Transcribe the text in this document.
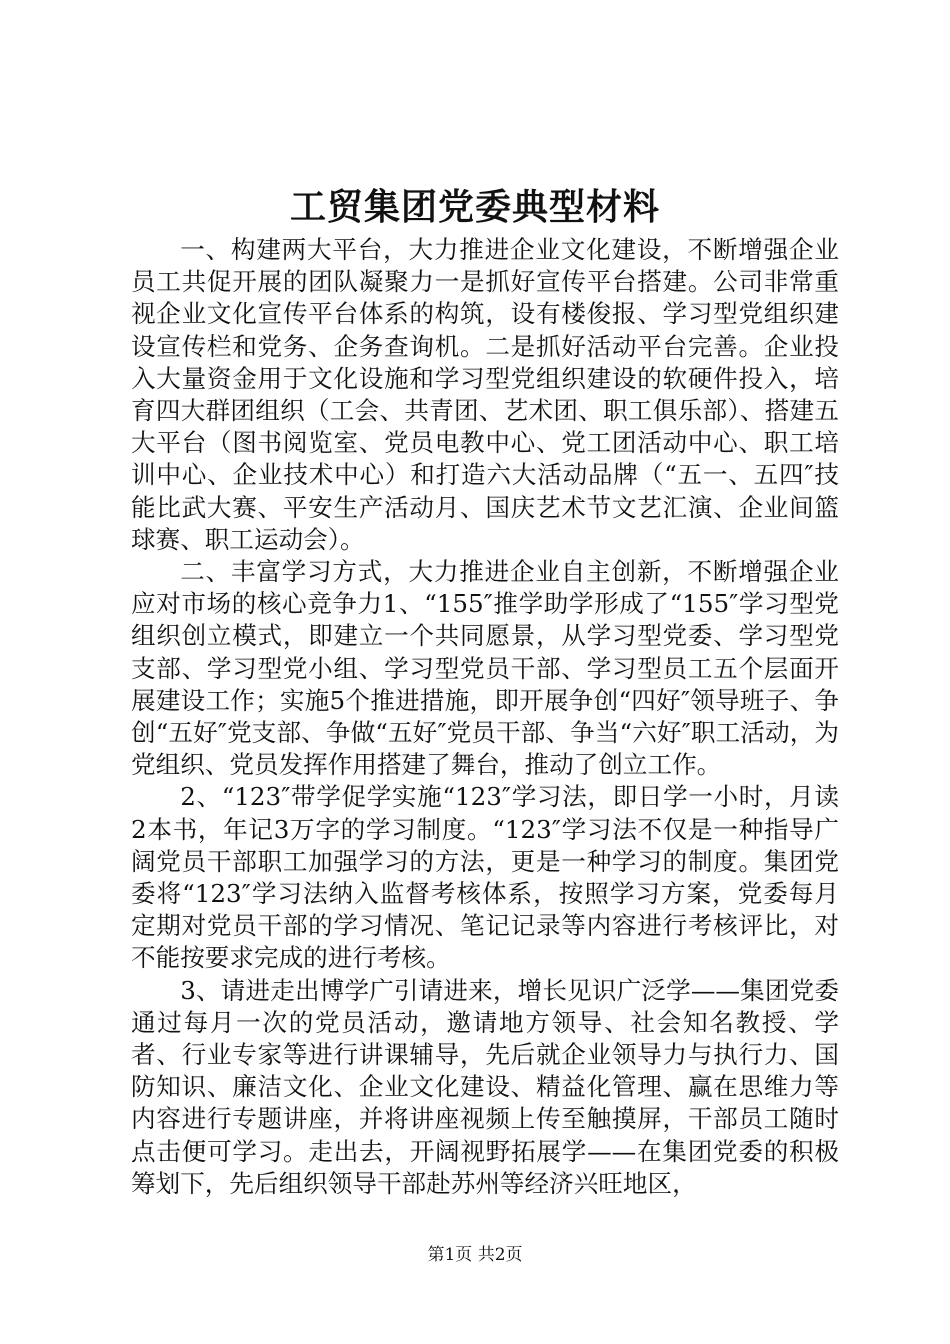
工贸集团党委典型材料

一、构建两大平台，大力推进企业文化建设，不断增强企业员工共促开展的团队凝聚力一是抓好宣传平台搭建。公司非常重视企业文化宣传平台体系的构筑，设有楼俊报、学习型党组织建设宣传栏和党务、企务查询机。二是抓好活动平台完善。企业投入大量资金用于文化设施和学习型党组织建设的软硬件投入，培育四大群团组织（工会、共青团、艺术团、职工俱乐部）、搭建五大平台（图书阅览室、党员电教中心、党工团活动中心、职工培训中心、企业技术中心）和打造六大活动品牌（“五一、五四″技能比武大赛、平安生产活动月、国庆艺术节文艺汇演、企业间篮球赛、职工运动会）。

二、丰富学习方式，大力推进企业自主创新，不断增强企业应对市场的核心竞争力1、“155″推学助学形成了“155″学习型党组织创立模式，即建立一个共同愿景，从学习型党委、学习型党支部、学习型党小组、学习型党员干部、学习型员工五个层面开展建设工作；实施5个推进措施，即开展争创“四好″领导班子、争创“五好″党支部、争做“五好″党员干部、争当“六好″职工活动，为党组织、党员发挥作用搭建了舞台，推动了创立工作。

2、“123″带学促学实施“123″学习法，即日学一小时，月读2本书，年记3万字的学习制度。“123″学习法不仅是一种指导广阔党员干部职工加强学习的方法，更是一种学习的制度。集团党委将“123″学习法纳入监督考核体系，按照学习方案，党委每月定期对党员干部的学习情况、笔记记录等内容进行考核评比，对不能按要求完成的进行考核。

3、请进走出博学广引请进来，增长见识广泛学——集团党委通过每月一次的党员活动，邀请地方领导、社会知名教授、学者、行业专家等进行讲课辅导，先后就企业领导力与执行力、国防知识、廉洁文化、企业文化建设、精益化管理、赢在思维力等内容进行专题讲座，并将讲座视频上传至触摸屏，干部员工随时点击便可学习。走出去，开阔视野拓展学——在集团党委的积极筹划下，先后组织领导干部赴苏州等经济兴旺地区，

第1页 共2页
